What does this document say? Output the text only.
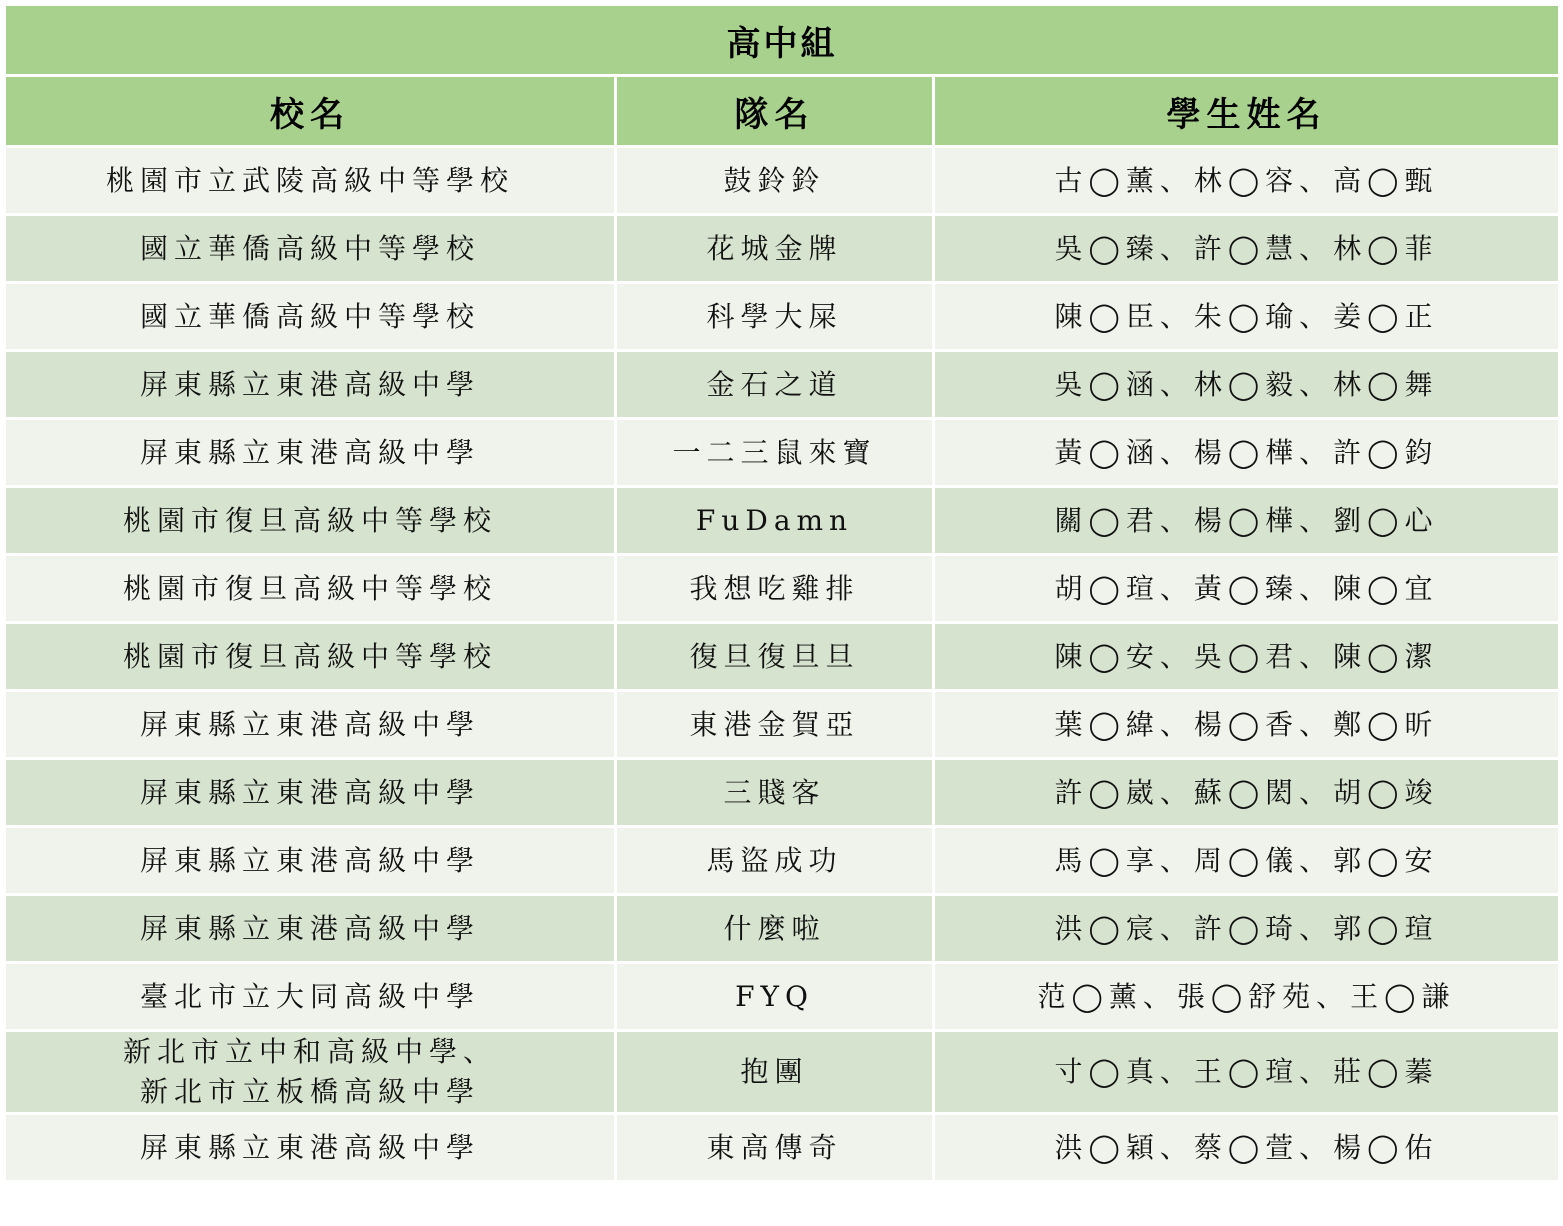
高中組		
校名	隊名	學生姓名

桃園市立武陵高級中等學校	鼓鈴鈴	古◯薰、林◯容、高◯甄

國立華僑高級中等學校	花城金牌	吳◯臻、許◯慧、林◯菲

國立華僑高級中等學校	科學大屎	陳◯臣、朱◯瑜、姜◯正

屏東縣立東港高級中學	金石之道	吳◯涵、林◯毅、林◯舞

屏東縣立東港高級中學	一二三鼠來寶	黃◯涵、楊◯樺、許◯鈞

桃園市復旦高級中等學校	FuDamn	關◯君、楊◯樺、劉◯心

桃園市復旦高級中等學校	我想吃雞排	胡◯瑄、黃◯臻、陳◯宜

桃園市復旦高級中等學校	復旦復旦旦	陳◯安、吳◯君、陳◯潔

屏東縣立東港高級中學	東港金賀亞	葉◯緯、楊◯香、鄭◯昕

屏東縣立東港高級中學	三賤客	許◯崴、蘇◯閎、胡◯竣

屏東縣立東港高級中學	馬盜成功	馬◯享、周◯儀、郭◯安

屏東縣立東港高級中學	什麼啦	洪◯宸、許◯琦、郭◯瑄

臺北市立大同高級中學	FYQ	范◯薰、張◯舒苑、王◯謙

新北市立中和高級中學、
新北市立板橋高級中學	抱團	寸◯真、王◯瑄、莊◯蓁

屏東縣立東港高級中學	東高傳奇	洪◯穎、蔡◯萱、楊◯佑
